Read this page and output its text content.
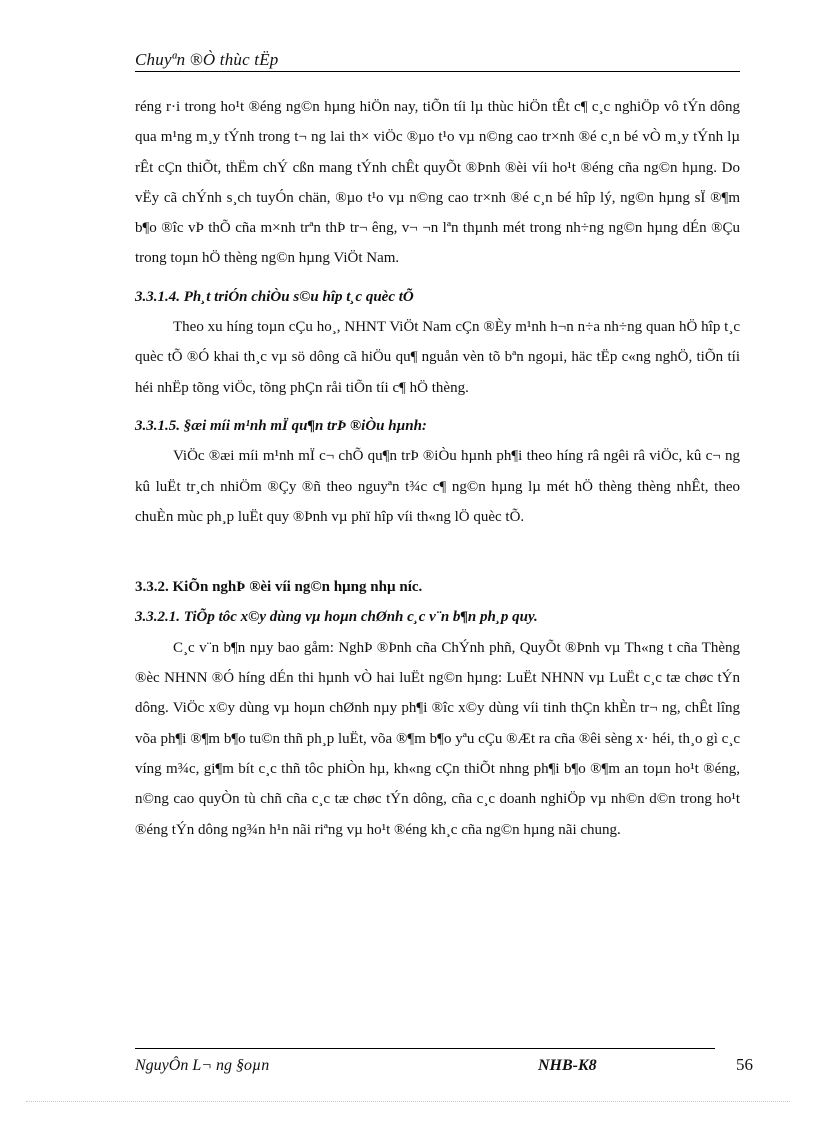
Chuyªn ®Ò thùc tËp

réng r·i trong ho¹t ®éng ng©n hµng hiÖn nay, tiÕn tíi lµ thùc hiÖn tÊt c¶ c¸c nghiÖp vô tÝn dông qua m¹ng m¸y tÝnh trong t¬ ng lai th× viÖc ®µo t¹o vµ n©ng cao tr×nh ®é c¸n bé vÒ m¸y tÝnh lµ rÊt cÇn thiÕt, thËm chÝ cßn mang tÝnh chÊt quyÕt ®Þnh ®èi víi ho¹t ®éng cña ng©n hµng. Do vËy cã chÝnh s¸ch tuyÓn chän, ®µo t¹o vµ n©ng cao tr×nh ®é c¸n bé hîp lý, ng©n hµng sÏ ®¶m b¶o ®îc vÞ thÕ cña m×nh trªn thÞ tr¬ êng, v¬ ¬n lªn thµnh mét trong nh÷ng ng©n hµng dÉn ®Çu trong toµn hÖ thèng ng©n hµng ViÖt Nam.

3.3.1.4. Ph¸t triÓn chiÒu s©u hîp t¸c quèc tÕ

Theo xu híng toµn cÇu ho¸, NHNT ViÖt Nam cÇn ®Èy m¹nh h¬n n÷a nh÷ng quan hÖ hîp t¸c quèc tÕ ®Ó khai th¸c vµ sö dông cã hiÖu qu¶ nguån vèn tõ bªn ngoµi, häc tËp c«ng nghÖ, tiÕn tíi héi nhËp tõng viÖc, tõng phÇn råi tiÕn tíi c¶ hÖ thèng.

3.3.1.5. §æi míi m¹nh mÏ qu¶n trÞ ®iÒu hµnh:

ViÖc ®æi míi m¹nh mÏ c¬ chÕ qu¶n trÞ ®iÒu hµnh ph¶i theo híng râ ngêi râ viÖc, kû c¬ ng kû luËt tr¸ch nhiÖm ®Çy ®ñ theo nguyªn t¾c c¶ ng©n hµng lµ mét hÖ thèng thèng nhÊt, theo chuÈn mùc ph¸p luËt quy ®Þnh vµ phï hîp víi th«ng lÖ quèc tÕ.

3.3.2. KiÕn nghÞ ®èi víi ng©n hµng nhµ níc.

3.3.2.1. TiÕp tôc x©y dùng vµ hoµn chØnh c¸c v¨n b¶n ph¸p quy.

C¸c v¨n b¶n nµy bao gåm: NghÞ ®Þnh cña ChÝnh phñ, QuyÕt ®Þnh vµ Th«ng t cña Thèng ®èc NHNN ®Ó híng dÉn thi hµnh vÒ hai luËt ng©n hµng: LuËt NHNN vµ LuËt c¸c tæ chøc tÝn dông. ViÖc x©y dùng vµ hoµn chØnh nµy ph¶i ®îc x©y dùng víi tinh thÇn khÈn tr¬ ng, chÊt lîng võa ph¶i ®¶m b¶o tu©n thñ ph¸p luËt, võa ®¶m b¶o yªu cÇu ®Æt ra cña ®êi sèng x· héi, th¸o gì c¸c víng m¾c, gi¶m bít c¸c thñ tôc phiÒn hµ, kh«ng cÇn thiÕt nhng ph¶i b¶o ®¶m an toµn ho¹t ®éng, n©ng cao quyÒn tù chñ cña c¸c tæ chøc tÝn dông, cña c¸c doanh nghiÖp vµ nh©n d©n trong ho¹t ®éng tÝn dông ng¾n h¹n nãi riªng vµ ho¹t ®éng kh¸c cña ng©n hµng nãi chung.

NguyÔn L¬ ng §oµn	NHB-K8	56
